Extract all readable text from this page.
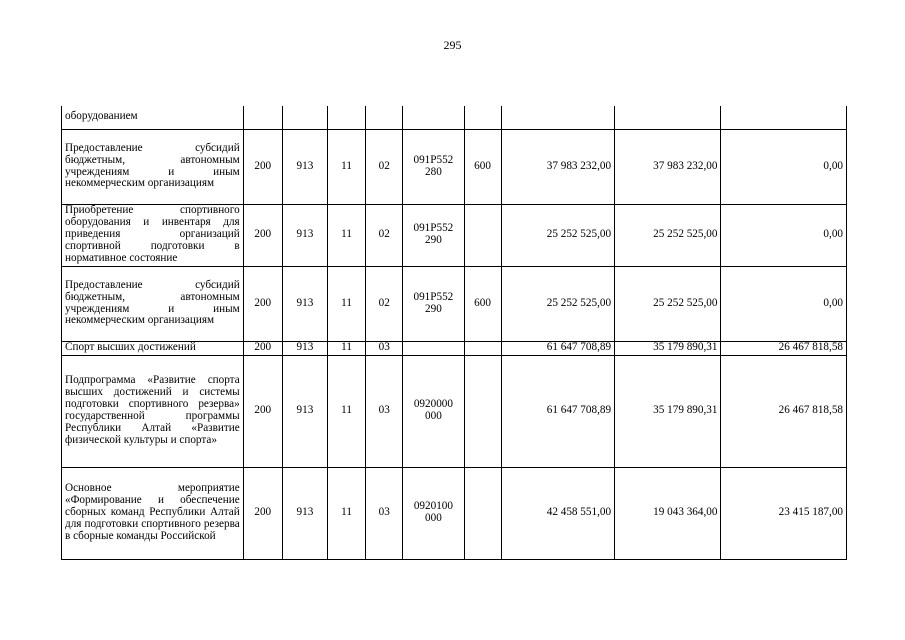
295
оборудованием									
Предоставление субсидий бюджетным, автономным учреждениям и иным некоммерческим организациям	200	913	11	02	091P552 280	600	37 983 232,00	37 983 232,00	0,00
Приобретение спортивного оборудования и инвентаря для приведения организаций спортивной подготовки в нормативное состояние	200	913	11	02	091P552 290		25 252 525,00	25 252 525,00	0,00
Предоставление субсидий бюджетным, автономным учреждениям и иным некоммерческим организациям	200	913	11	02	091P552 290	600	25 252 525,00	25 252 525,00	0,00
Спорт высших достижений	200	913	11	03			61 647 708,89	35 179 890,31	26 467 818,58
Подпрограмма «Развитие спорта высших достижений и системы подготовки спортивного резерва» государственной программы Республики Алтай «Развитие физической культуры и спорта»	200	913	11	03	0920000 000		61 647 708,89	35 179 890,31	26 467 818,58
Основное мероприятие «Формирование и обеспечение сборных команд Республики Алтай для подготовки спортивного резерва в сборные команды Российской	200	913	11	03	0920100 000		42 458 551,00	19 043 364,00	23 415 187,00
